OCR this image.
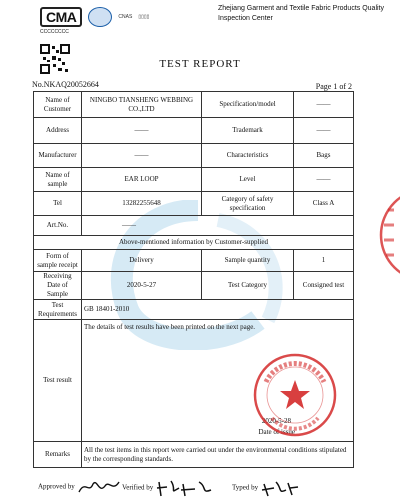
CMA	CNAS ▯▯▯▯
CCCCCCCC
Zhejiang Garment and Textile Fabric Products Quality
Inspection Center
TEST REPORT
No.NKAQ20052664	Page 1 of 2
Name of Customer	NINGBO TIANSHENG WEBBING CO.,LTD	Specification/model	——
Address	——	Trademark	——
Manufacturer	——	Characteristics	Bags
Name of sample	EAR LOOP	Level	——
Tel	13282255648	Category of safety specification	Class A
Art.No.	——		
Above-mentioned information by Customer-supplied			
Form of sample receipt	Delivery	Sample quantity	1
Receiving Date of Sample	2020-5-27	Test Category	Consigned test
Test Requirements	GB 18401-2010		
Test result	The details of test results have been printed on the next page.
2020-5-28
Date of issue		

Remarks	All the test items in this report were carried out under the environmental conditions stipulated by the corresponding standards.		
Approved by	Verified by	Typed by
